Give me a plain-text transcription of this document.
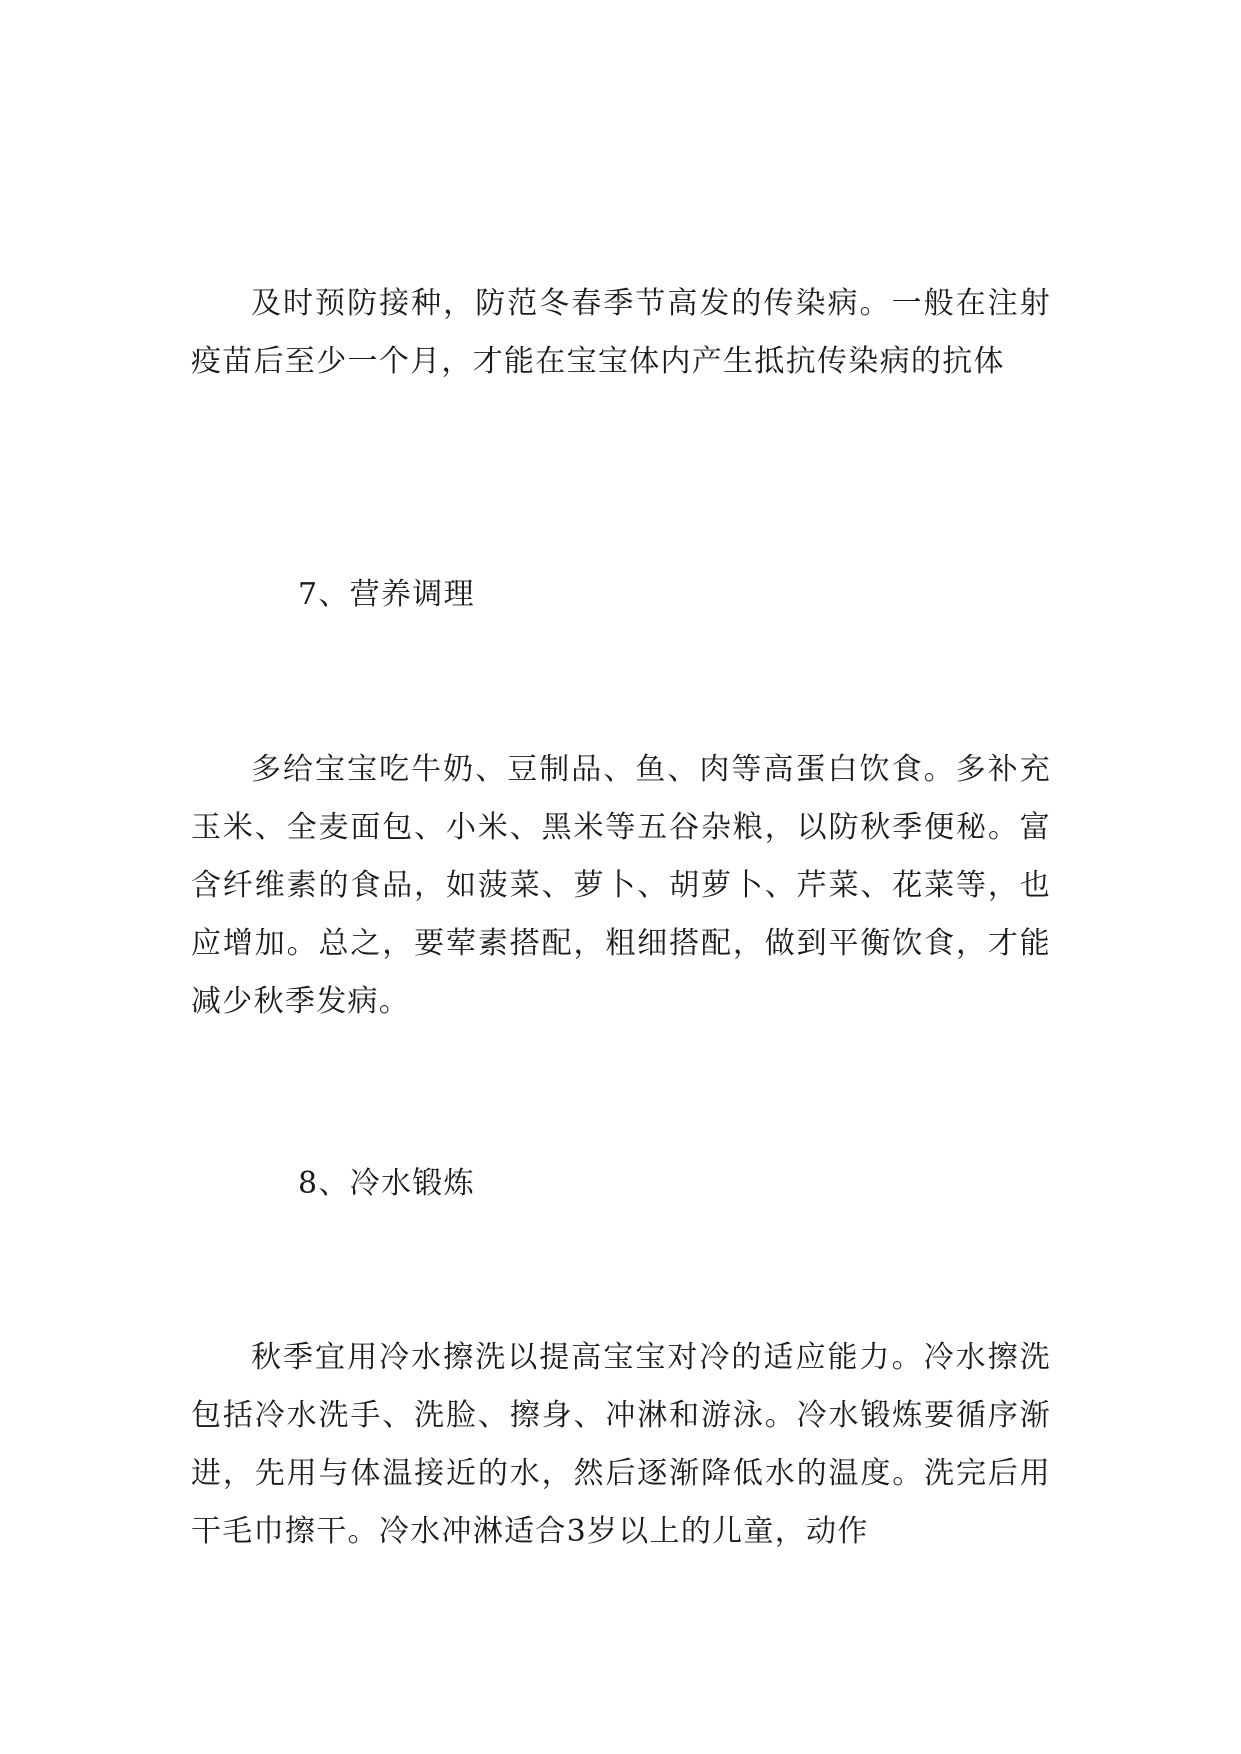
及时预防接种，防范冬春季节高发的传染病。一般在注射疫苗后至少一个月，才能在宝宝体内产生抵抗传染病的抗体

7、营养调理

多给宝宝吃牛奶、豆制品、鱼、肉等高蛋白饮食。多补充玉米、全麦面包、小米、黑米等五谷杂粮，以防秋季便秘。富含纤维素的食品，如菠菜、萝卜、胡萝卜、芹菜、花菜等，也应增加。总之，要荤素搭配，粗细搭配，做到平衡饮食，才能减少秋季发病。

8、冷水锻炼

秋季宜用冷水擦洗以提高宝宝对冷的适应能力。冷水擦洗包括冷水洗手、洗脸、擦身、冲淋和游泳。冷水锻炼要循序渐进，先用与体温接近的水，然后逐渐降低水的温度。洗完后用干毛巾擦干。冷水冲淋适合3岁以上的儿童，动作
